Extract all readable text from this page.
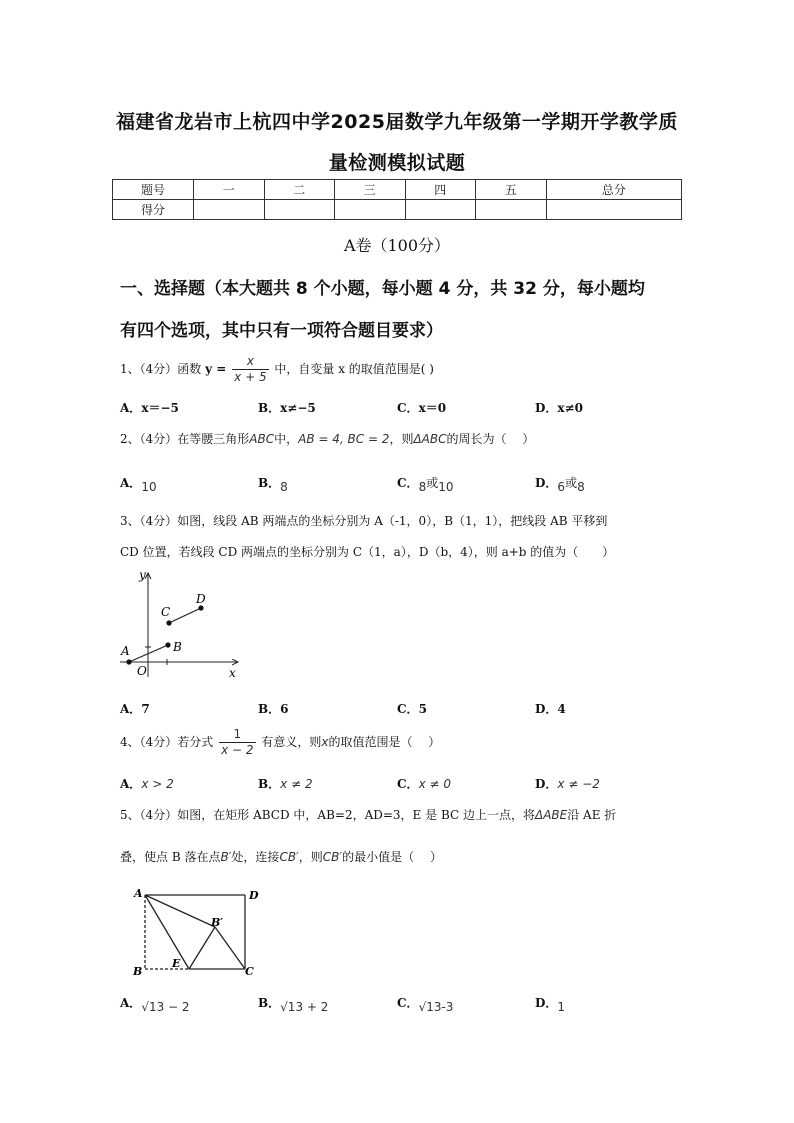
福建省龙岩市上杭四中学2025届数学九年级第一学期开学教学质
量检测模拟试题
题号	一	二	三	四	五	总分
得分						
A卷（100分）
一、选择题（本大题共 8 个小题，每小题 4 分，共 32 分，每小题均
有四个选项，其中只有一项符合题目要求）
1、（4分）函数 $y = \frac{x}{x + 5}$ 中，自变量 x 的取值范围是( )
A．x＝−5	B．x≠−5	C．x＝0	D．x≠0
2、（4分）在等腰三角形ABC中，AB = 4, BC = 2，则ΔABC的周长为（　 ）
A．$_{10}$	B．$_8$	C．$_8$或$_{10}$	D．$_6$或$_8$
3、（4分）如图，线段 AB 两端点的坐标分别为 A（-1，0），B（1，1），把线段 AB 平移到
CD 位置，若线段 CD 两端点的坐标分别为 C（1，a），D（b，4），则 a+b 的值为（　　）
y
x
O
A	B
C
D
A．7	B．6	C．5	D．4
4、（4分）若分式 $\frac{1}{x - 2}$ 有意义，则x的取值范围是（　 ）
A．x > 2	B．x ≠ 2	C．x ≠ 0	D．x ≠ −2
5、（4分）如图，在矩形 ABCD 中，AB=2，AD=3，E 是 BC 边上一点，将ΔABE沿 AE 折
叠，使点 B 落在点B′处，连接CB′，则CB′的最小值是（　 ）
A	D
B
E
C
B′
A．$_{√13 - 2}$	B．$_{√13 + 2}$	C．$_{√13-3}$	D．$_1$
